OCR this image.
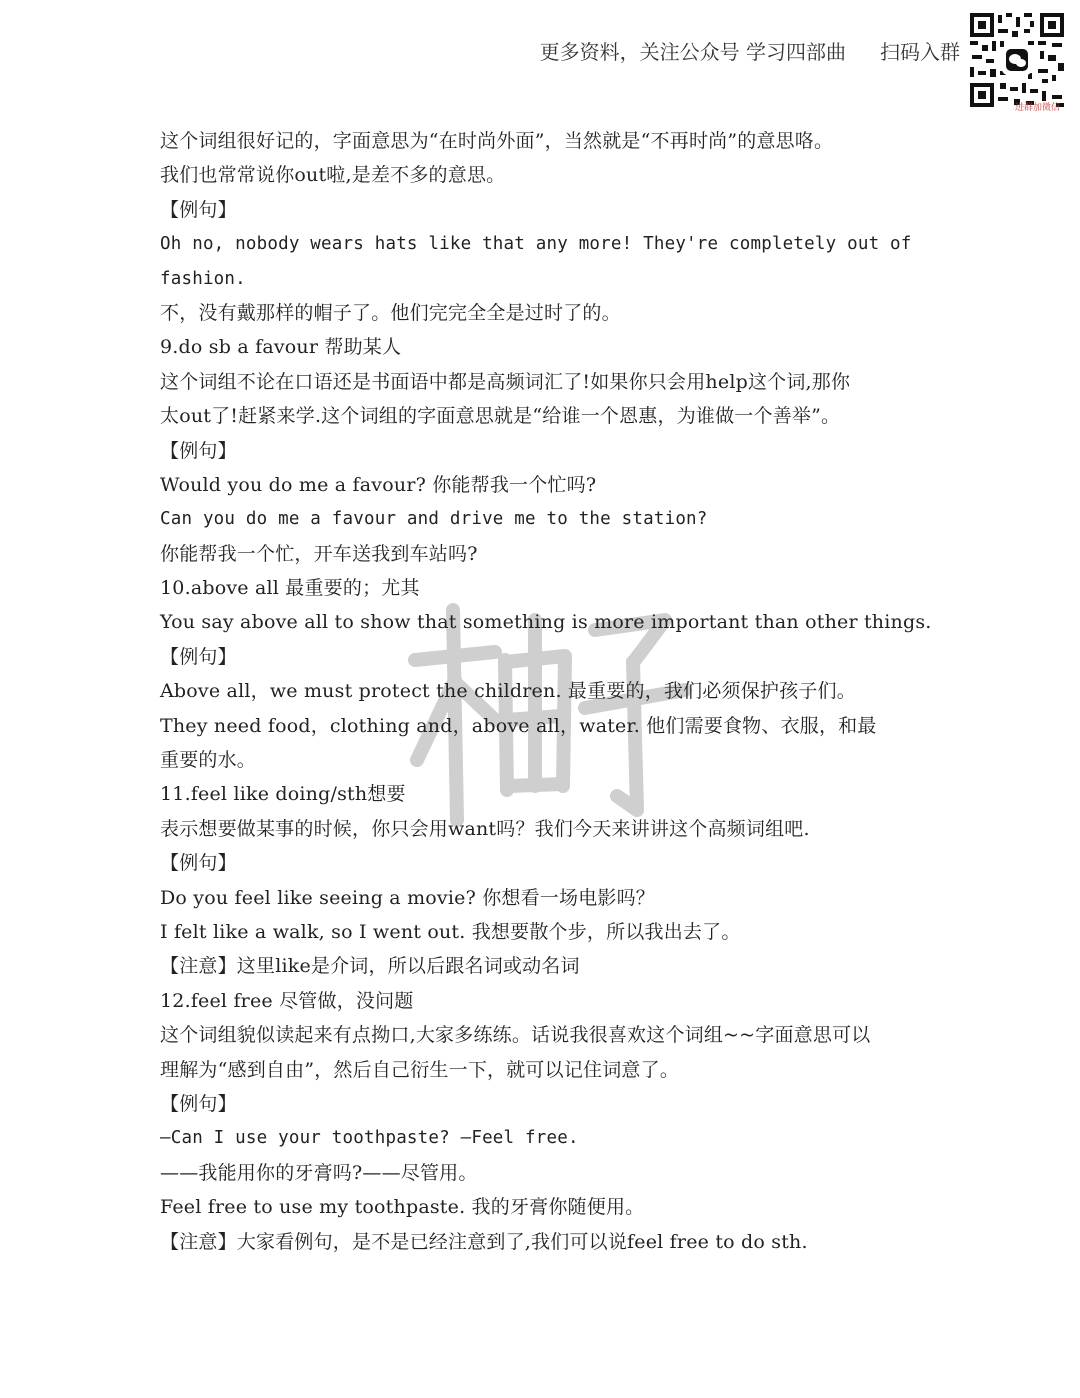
更多资料，关注公众号 学习四部曲 扫码入群
进群加微信
这个词组很好记的，字面意思为“在时尚外面”，当然就是“不再时尚”的意思咯。
我们也常常说你out啦,是差不多的意思。
【例句】
Oh no, nobody wears hats like that any more! They're completely out of
fashion.
不，没有戴那样的帽子了。他们完完全全是过时了的。
9.do sb a favour 帮助某人
这个词组不论在口语还是书面语中都是高频词汇了!如果你只会用help这个词,那你
太out了!赶紧来学.这个词组的字面意思就是“给谁一个恩惠，为谁做一个善举”。
【例句】
Would you do me a favour? 你能帮我一个忙吗?
Can you do me a favour and drive me to the station?
你能帮我一个忙，开车送我到车站吗?
10.above all 最重要的；尤其
You say above all to show that something is more important than other things.
【例句】
Above all，we must protect the children. 最重要的，我们必须保护孩子们。
They need food，clothing and，above all，water. 他们需要食物、衣服，和最
重要的水。
11.feel like doing/sth想要
表示想要做某事的时候，你只会用want吗？我们今天来讲讲这个高频词组吧.
【例句】
Do you feel like seeing a movie? 你想看一场电影吗？
I felt like a walk, so I went out. 我想要散个步，所以我出去了。
【注意】这里like是介词，所以后跟名词或动名词
12.feel free 尽管做，没问题
这个词组貌似读起来有点拗口,大家多练练。话说我很喜欢这个词组~~字面意思可以
理解为“感到自由”，然后自己衍生一下，就可以记住词意了。
【例句】
—Can I use your toothpaste? —Feel free.
——我能用你的牙膏吗?——尽管用。
Feel free to use my toothpaste. 我的牙膏你随便用。
【注意】大家看例句，是不是已经注意到了,我们可以说feel free to do sth.
